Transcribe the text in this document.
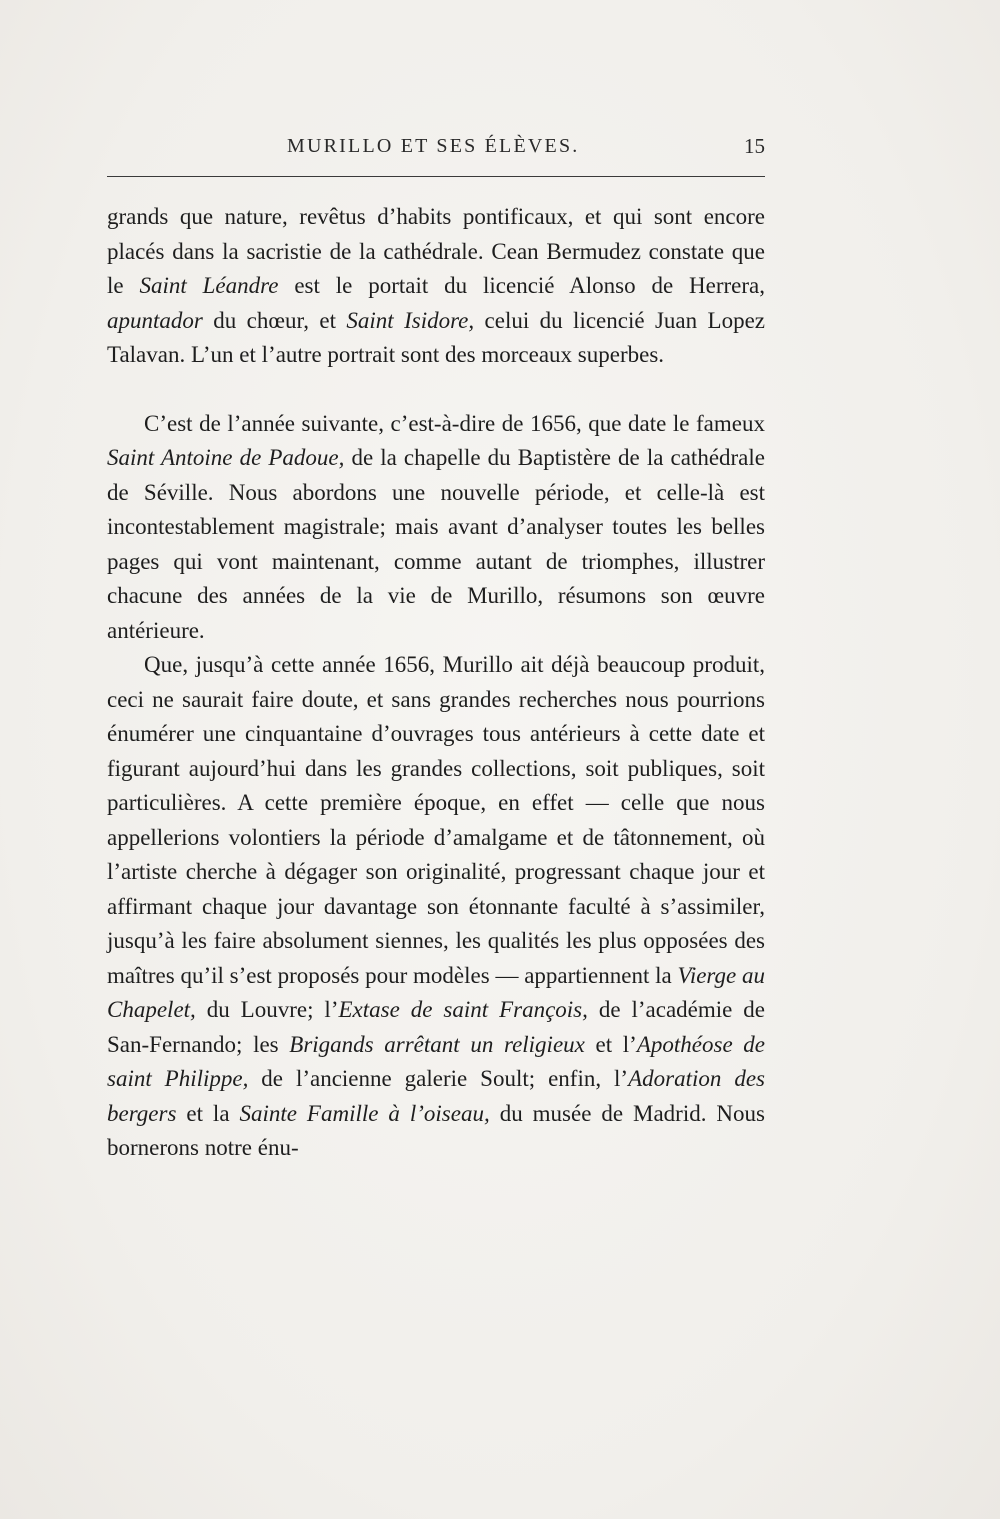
MURILLO ET SES ÉLÈVES.	15

grands que nature, revêtus d’habits pontificaux, et qui sont encore placés dans la sacristie de la cathédrale. Cean Bermudez constate que le Saint Léandre est le portait du licencié Alonso de Herrera, apuntador du chœur, et Saint Isidore, celui du licencié Juan Lopez Talavan. L’un et l’autre portrait sont des morceaux superbes.

C’est de l’année suivante, c’est-à-dire de 1656, que date le fameux Saint Antoine de Padoue, de la chapelle du Baptistère de la cathédrale de Séville. Nous abordons une nouvelle période, et celle-là est incontestablement magistrale; mais avant d’analyser toutes les belles pages qui vont maintenant, comme autant de triomphes, illustrer chacune des années de la vie de Murillo, résumons son œuvre antérieure.

Que, jusqu’à cette année 1656, Murillo ait déjà beaucoup produit, ceci ne saurait faire doute, et sans grandes recherches nous pourrions énumérer une cinquantaine d’ouvrages tous antérieurs à cette date et figurant aujourd’hui dans les grandes collections, soit publiques, soit particulières. A cette première époque, en effet — celle que nous appellerions volontiers la période d’amalgame et de tâtonnement, où l’artiste cherche à dégager son originalité, progressant chaque jour et affirmant chaque jour davantage son étonnante faculté à s’assimiler, jusqu’à les faire absolument siennes, les qualités les plus opposées des maîtres qu’il s’est proposés pour modèles — appartiennent la Vierge au Chapelet, du Louvre; l’Extase de saint François, de l’académie de San-Fernando; les Brigands arrêtant un religieux et l’Apothéose de saint Philippe, de l’ancienne galerie Soult; enfin, l’Adoration des bergers et la Sainte Famille à l’oiseau, du musée de Madrid. Nous bornerons notre énu-
